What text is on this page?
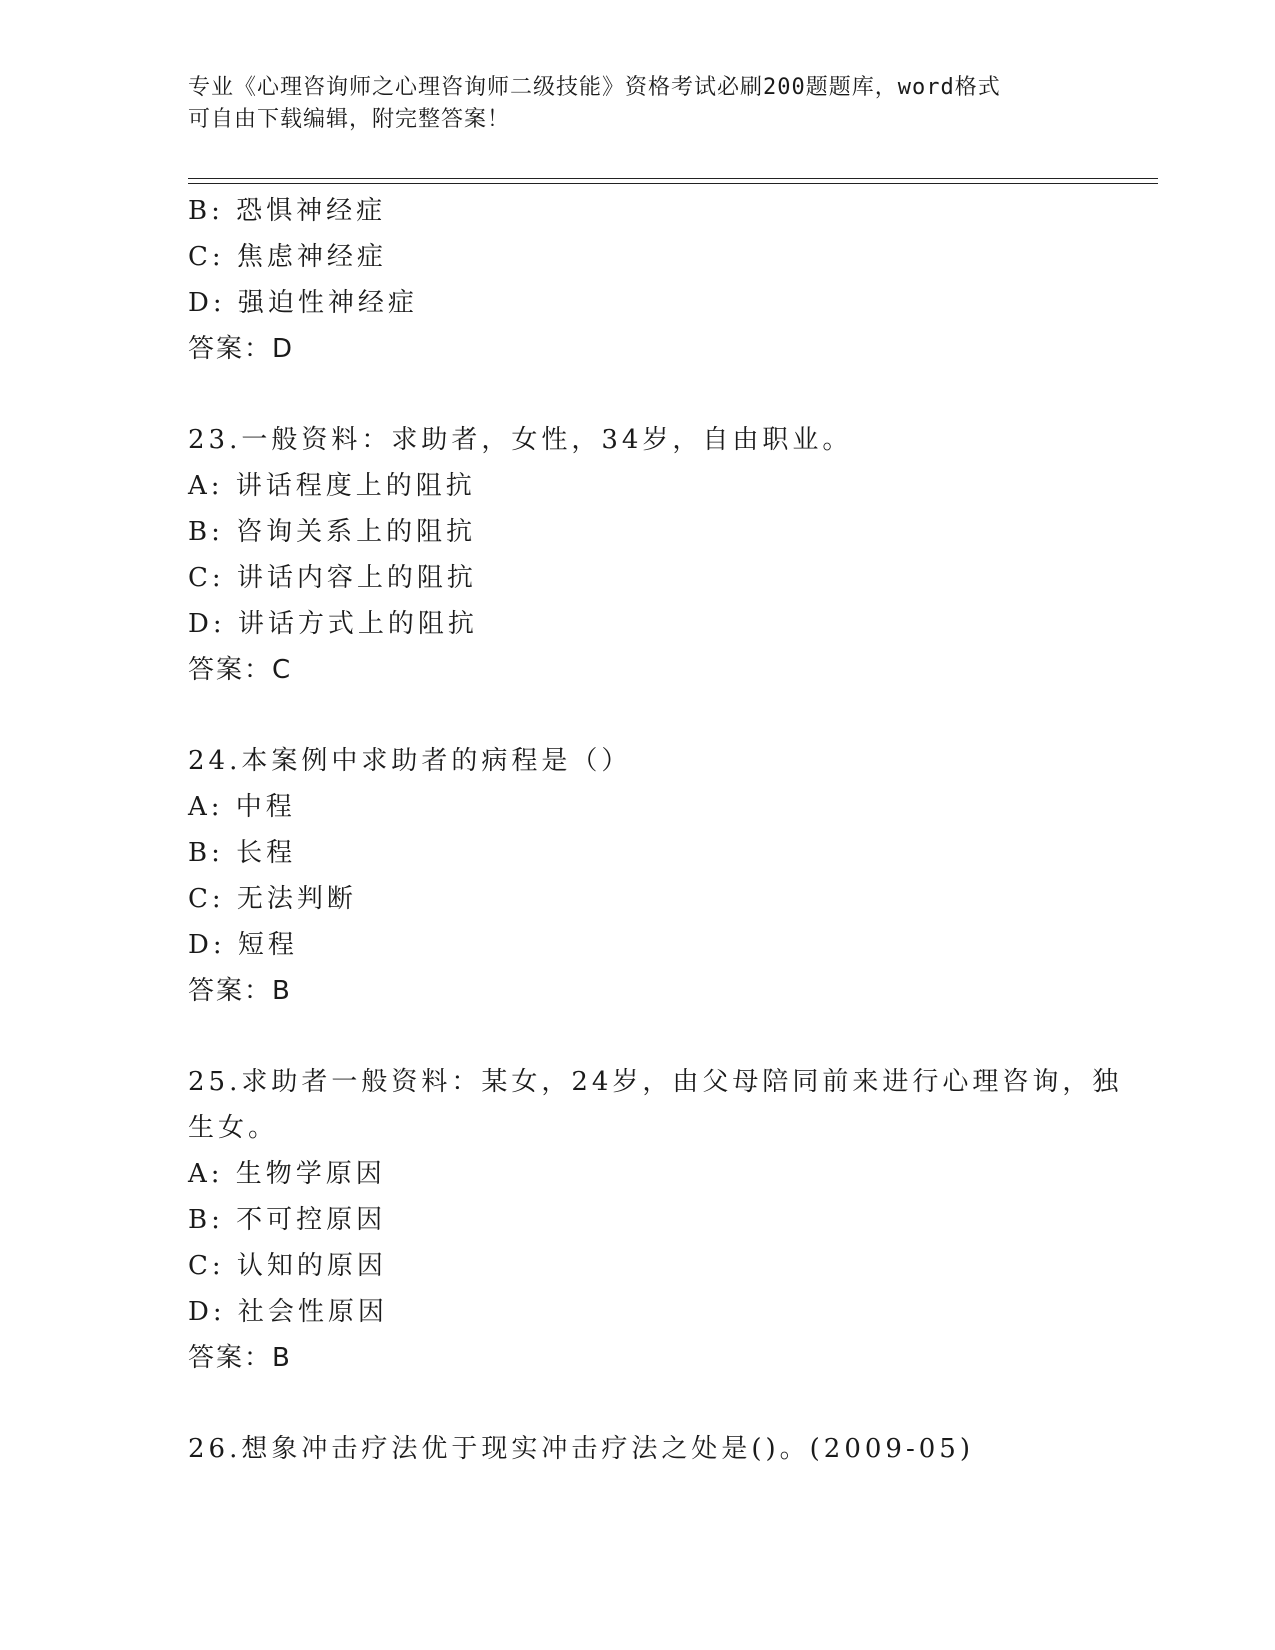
专业《心理咨询师之心理咨询师二级技能》资格考试必刷200题题库，word格式

可自由下载编辑，附完整答案！

B: 恐惧神经症
C: 焦虑神经症
D: 强迫性神经症
答案：D
23.一般资料：求助者，女性，34岁，自由职业。
A: 讲话程度上的阻抗
B: 咨询关系上的阻抗
C: 讲话内容上的阻抗
D: 讲话方式上的阻抗
答案：C
24.本案例中求助者的病程是（）
A: 中程
B: 长程
C: 无法判断
D: 短程
答案：B
25.求助者一般资料：某女，24岁，由父母陪同前来进行心理咨询，独
生女。
A: 生物学原因
B: 不可控原因
C: 认知的原因
D: 社会性原因
答案：B
26.想象冲击疗法优于现实冲击疗法之处是()。(2009-05)
